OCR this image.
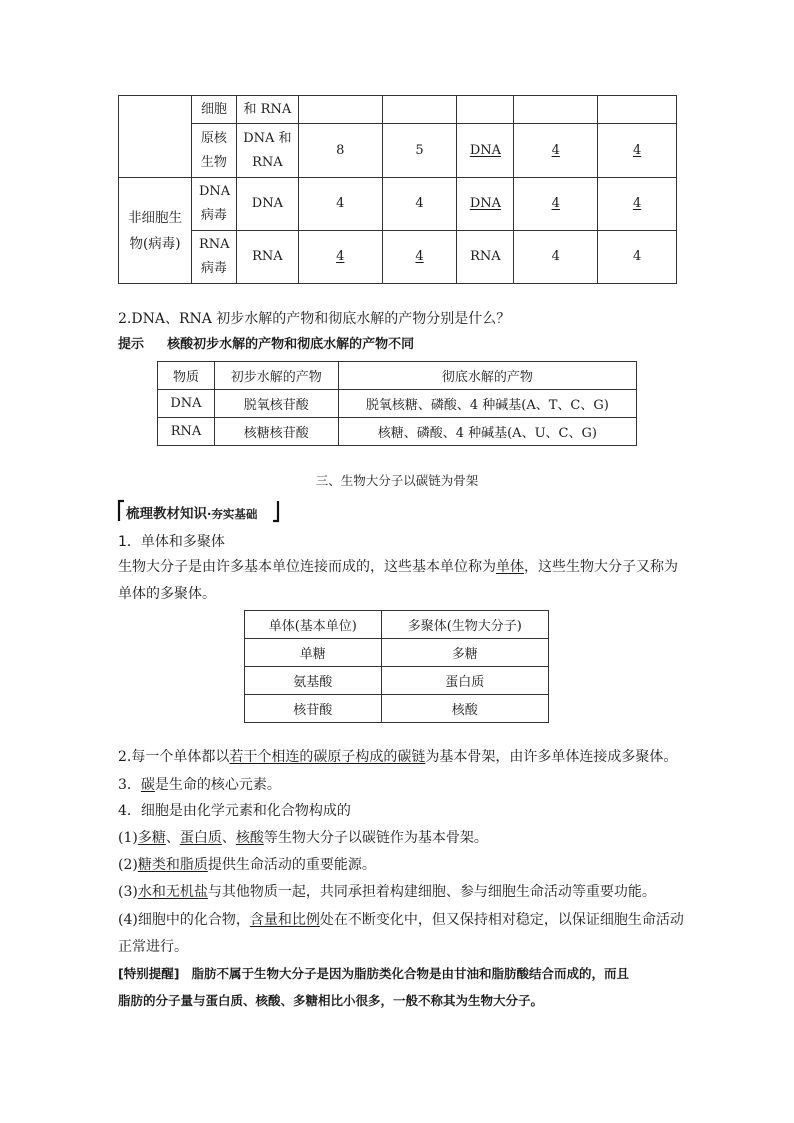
	细胞	和 RNA					

	原核生物	DNA 和 RNA	8	5	DNA	4	4

非细胞生物(病毒)	DNA 病毒	DNA	4	4	DNA	4	4

	RNA 病毒	RNA	4	4	RNA	4	4
2.DNA、RNA 初步水解的产物和彻底水解的产物分别是什么？
提示 核酸初步水解的产物和彻底水解的产物不同
物质	初步水解的产物	彻底水解的产物
DNA	脱氧核苷酸	脱氧核糖、磷酸、4 种碱基(A、T、C、G)
RNA	核糖核苷酸	核糖、磷酸、4 种碱基(A、U、C、G)
三、生物大分子以碳链为骨架
梳理教材知识·夯实基础
1．单体和多聚体
生物大分子是由许多基本单位连接而成的，这些基本单位称为单体，这些生物大分子又称为
单体的多聚体。
单体(基本单位)	多聚体(生物大分子)
单糖	多糖
氨基酸	蛋白质
核苷酸	核酸
2.每一个单体都以若干个相连的碳原子构成的碳链为基本骨架，由许多单体连接成多聚体。
3．碳是生命的核心元素。
4．细胞是由化学元素和化合物构成的
(1)多糖、蛋白质、核酸等生物大分子以碳链作为基本骨架。
(2)糖类和脂质提供生命活动的重要能源。
(3)水和无机盐与其他物质一起，共同承担着构建细胞、参与细胞生命活动等重要功能。
(4)细胞中的化合物，含量和比例处在不断变化中，但又保持相对稳定，以保证细胞生命活动
正常进行。
[特别提醒] 脂肪不属于生物大分子是因为脂肪类化合物是由甘油和脂肪酸结合而成的，而且
脂肪的分子量与蛋白质、核酸、多糖相比小很多，一般不称其为生物大分子。
